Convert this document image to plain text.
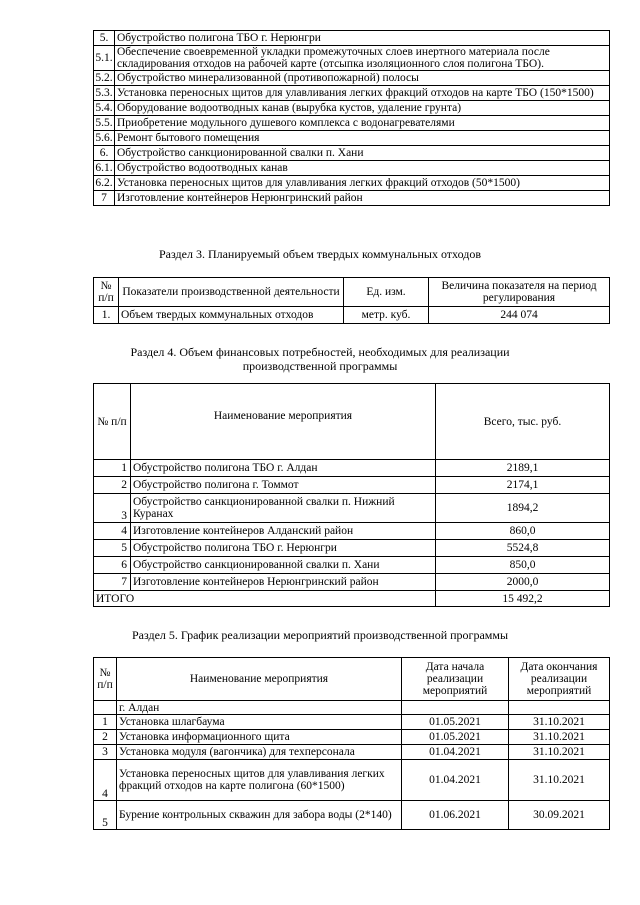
5.	Обустройство полигона ТБО г. Нерюнгри
5.1.	Обеспечение своевременной укладки промежуточных слоев инертного материала после складирования отходов на рабочей карте (отсыпка изоляционного слоя полигона ТБО).
5.2.	Обустройство минерализованной (противопожарной) полосы
5.3.	Установка переносных щитов для улавливания легких фракций отходов на карте ТБО (150*1500)
5.4.	Оборудование водоотводных канав (вырубка кустов, удаление грунта)
5.5.	Приобретение модульного душевого комплекса с водонагревателями
5.6.	Ремонт бытового помещения
6.	Обустройство санкционированной свалки п. Хани
6.1.	Обустройство водоотводных канав
6.2.	Установка переносных щитов для улавливания легких фракций отходов (50*1500)
7	Изготовление контейнеров Нерюнгринский район
Раздел 3. Планируемый объем твердых коммунальных отходов
№ п/п	Показатели производственной деятельности	Ед. изм.	Величина показателя на период регулирования
1.	Объем твердых коммунальных отходов	метр. куб.	244 074
Раздел 4. Объем финансовых потребностей, необходимых для реализации
производственной программы
№ п/п	Наименование мероприятия	Всего, тыс. руб.
1	Обустройство полигона ТБО г. Алдан	2189,1
2	Обустройство полигона г. Томмот	2174,1
3	Обустройство санкционированной свалки п. Нижний Куранах	1894,2
4	Изготовление контейнеров Алданский район	860,0
5	Обустройство полигона ТБО г. Нерюнгри	5524,8
6	Обустройство санкционированной свалки п. Хани	850,0
7	Изготовление контейнеров Нерюнгринский район	2000,0
ИТОГО		15 492,2
Раздел 5. График реализации мероприятий производственной программы
№ п/п	Наименование мероприятия	Дата начала реализации мероприятий	Дата окончания реализации мероприятий
	г. Алдан		
1	Установка шлагбаума	01.05.2021	31.10.2021
2	Установка информационного щита	01.05.2021	31.10.2021
3	Установка модуля (вагончика) для техперсонала	01.04.2021	31.10.2021
4	Установка переносных щитов для улавливания легких фракций отходов на карте полигона (60*1500)	01.04.2021	31.10.2021
5	Бурение контрольных скважин для забора воды (2*140)	01.06.2021	30.09.2021
